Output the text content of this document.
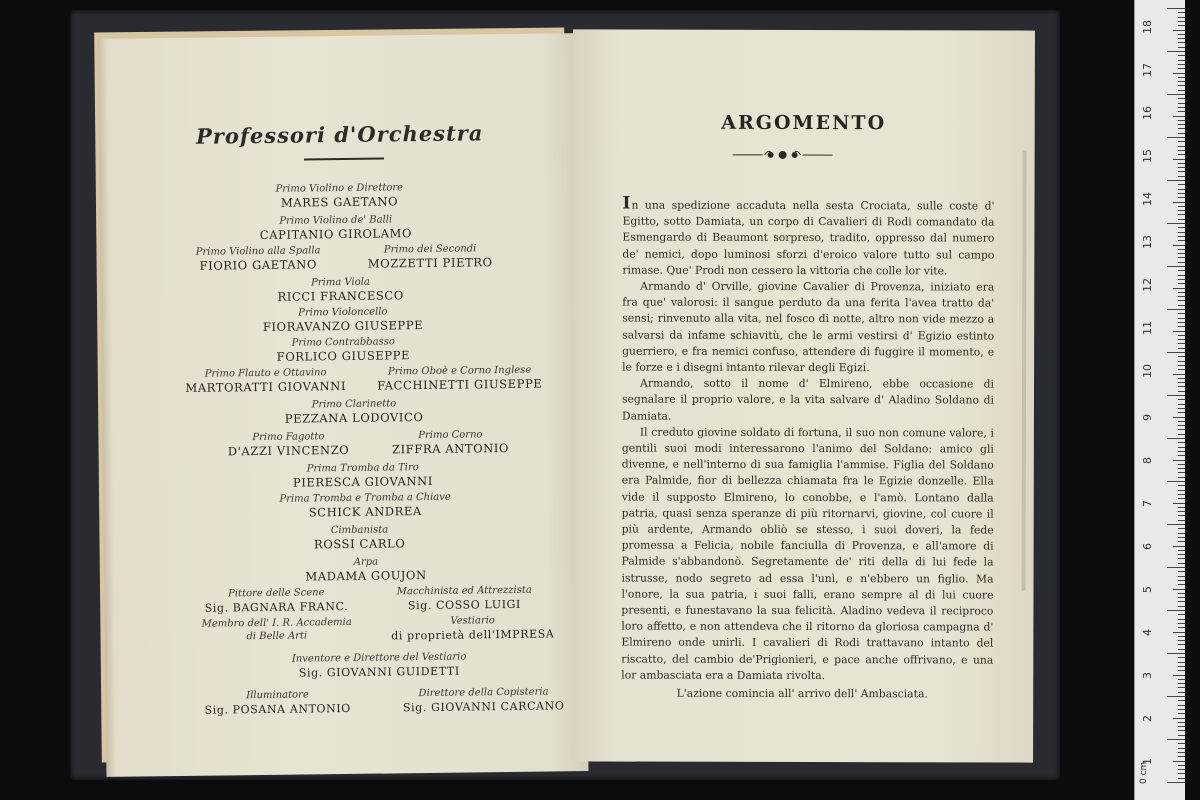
Professori d'Orchestra
Primo Violino e Direttore
MARES GAETANO
Primo Violino de' Balli
CAPITANIO GIROLAMO
Primo Violino alla Spalla
FIORIO GAETANO
Primo dei Secondi
MOZZETTI PIETRO
Prima Viola
RICCI FRANCESCO
Primo Violoncello
FIORAVANZO GIUSEPPE
Primo Contrabbasso
FORLICO GIUSEPPE
Primo Flauto e Ottavino
MARTORATTI GIOVANNI
Primo Oboè e Corno Inglese
FACCHINETTI GIUSEPPE
Primo Clarinetto
PEZZANA LODOVICO
Primo Fagotto
D'AZZI VINCENZO
Primo Corno
ZIFFRA ANTONIO
Prima Tromba da Tiro
PIERESCA GIOVANNI
Prima Tromba e Tromba a Chiave
SCHICK ANDREA
Cimbanista
ROSSI CARLO
Arpa
MADAMA GOUJON
Pittore delle Scene
Sig. BAGNARA FRANC.
Macchinista ed Attrezzista
Sig. COSSO LUIGI
Membro dell' I. R. Accademia
di Belle Arti
Vestiario
di proprietà dell'IMPRESA
Inventore e Direttore del Vestiario
Sig. GIOVANNI GUIDETTI
Illuminatore
Sig. POSANA ANTONIO
Direttore della Copisteria
Sig. GIOVANNI CARCANO
ARGOMENTO

In una spedizione accaduta nella sesta Crociata, sulle coste d' Egitto, sotto Damiata, un corpo di Cavalieri di Rodi comandato da Esmengardo di Beaumont sorpreso, tradito, oppresso dal numero de' nemici, dopo luminosi sforzi d'eroico valore tutto sul campo rimase. Que' Prodi non cessero la vittoria che colle lor vite.

Armando d' Orville, giovine Cavalier di Provenza, iniziato era fra que' valorosi: il sangue perduto da una ferita l'avea tratto da' sensi; rinvenuto alla vita, nel fosco di notte, altro non vide mezzo a salvarsi da infame schiavitù, che le armi vestirsi d' Egizio estinto guerriero, e fra nemici confuso, attendere di fuggire il momento, e le forze e i disegni intanto rilevar degli Egizi.

Armando, sotto il nome d' Elmireno, ebbe occasione di segnalare il proprio valore, e la vita salvare d' Aladino Soldano di Damiata.

Il creduto giovine soldato di fortuna, il suo non comune valore, i gentili suoi modi interessarono l'animo del Soldano: amico gli divenne, e nell'interno di sua famiglia l'ammise. Figlia del Soldano era Palmide, fior di bellezza chiamata fra le Egizie donzelle. Ella vide il supposto Elmireno, lo conobbe, e l'amò. Lontano dalla patria, quasi senza speranze di più ritornarvi, giovine, col cuore il più ardente, Armando obliò se stesso, i suoi doveri, la fede promessa a Felicia, nobile fanciulla di Provenza, e all'amore di Palmide s'abbandonò. Segretamente de' riti della di lui fede la istrusse, nodo segreto ad essa l'unì, e n'ebbero un figlio. Ma l'onore, la sua patria, i suoi falli, erano sempre al di lui cuore presenti, e funestavano la sua felicità. Aladino vedeva il reciproco loro affetto, e non attendeva che il ritorno da gloriosa campagna d' Elmireno onde unirli. I cavalieri di Rodi trattavano intanto del riscatto, del cambio de'Prigionieri, e pace anche offrivano, e una lor ambasciata era a Damiata rivolta.

L'azione comincia all' arrivo dell' Ambasciata.
0 cm
18
17
16
15
14
13
12
11
10
9
8
7
6
5
4
3
2
1
